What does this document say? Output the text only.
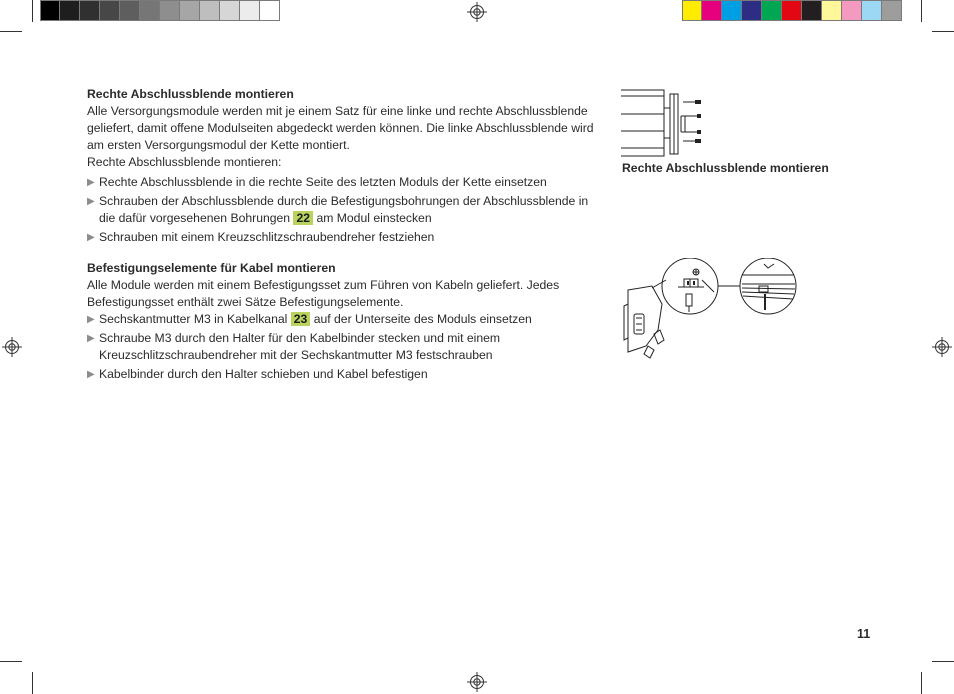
Rechte Abschlussblende montieren

Alle Versorgungsmodule werden mit je einem Satz für eine linke und rechte Abschlussblende geliefert, damit offene Modulseiten abgedeckt werden können. Die linke Abschlussblende wird am ersten Versorgungsmodul der Kette montiert.

Rechte Abschlussblende montieren:

▶ Rechte Abschlussblende in die rechte Seite des letzten Moduls der Kette einsetzen

▶ Schrauben der Abschlussblende durch die Befestigungsbohrungen der Abschlussblende in die dafür vorgesehenen Bohrungen 22 am Modul einstecken

▶ Schrauben mit einem Kreuzschlitzschraubendreher festziehen

Befestigungselemente für Kabel montieren

Alle Module werden mit einem Befestigungsset zum Führen von Kabeln geliefert. Jedes Befestigungsset enthält zwei Sätze Befestigungselemente.

▶ Sechskantmutter M3 in Kabelkanal 23 auf der Unterseite des Moduls einsetzen

▶ Schraube M3 durch den Halter für den Kabelbinder stecken und mit einem Kreuzschlitzschraubendreher mit der Sechskantmutter M3 festschrauben

▶ Kabelbinder durch den Halter schieben und Kabel befestigen

Rechte Abschlussblende montieren
11
